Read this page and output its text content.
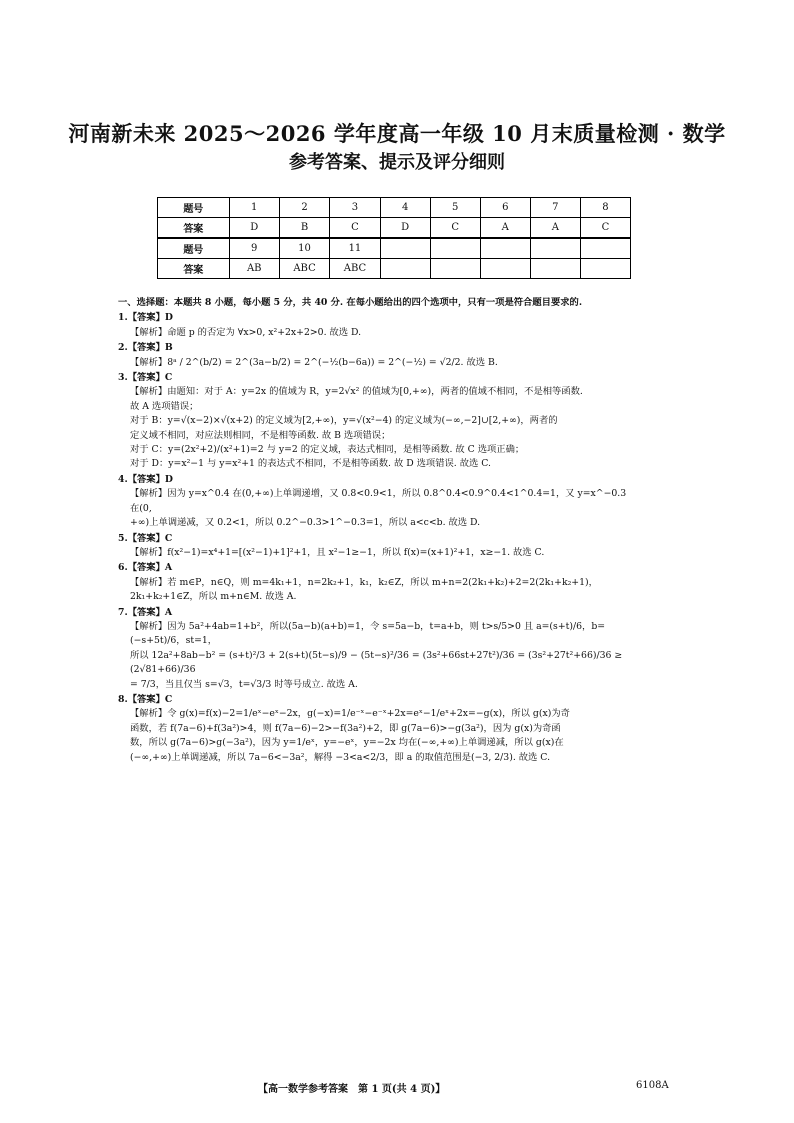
河南新未来 2025～2026 学年度高一年级 10 月末质量检测 · 数学
参考答案、提示及评分细则
题号	1	2	3	4	5	6	7	8
答案	D	B	C	D	C	A	A	C
题号	9	10	11					
答案	AB	ABC	ABC					
一、选择题：本题共 8 小题，每小题 5 分，共 40 分. 在每小题给出的四个选项中，只有一项是符合题目要求的.
1.【答案】D
【解析】命题 p 的否定为 ∀x>0, x²+2x+2>0. 故选 D.
2.【答案】B
【解析】8ᵃ / 2^(b/2) = 2^(3a−b/2) = 2^(−½(b−6a)) = 2^(−½) = √2/2. 故选 B.
3.【答案】C
【解析】由题知：对于 A：y=2x 的值域为 R，y=2√x² 的值域为[0,+∞)，两者的值域不相同，不是相等函数.
故 A 选项错误；
对于 B：y=√(x−2)×√(x+2) 的定义域为[2,+∞)，y=√(x²−4) 的定义域为(−∞,−2]∪[2,+∞)，两者的
定义域不相同，对应法则相同，不是相等函数. 故 B 选项错误；
对于 C：y=(2x²+2)/(x²+1)=2 与 y=2 的定义域，表达式相同，是相等函数. 故 C 选项正确；
对于 D：y=x²−1 与 y=x²+1 的表达式不相同，不是相等函数. 故 D 选项错误. 故选 C.
4.【答案】D
【解析】因为 y=x^0.4 在(0,+∞)上单调递增，又 0.8<0.9<1，所以 0.8^0.4<0.9^0.4<1^0.4=1，又 y=x^−0.3 在(0,
+∞)上单调递减，又 0.2<1，所以 0.2^−0.3>1^−0.3=1，所以 a<c<b. 故选 D.
5.【答案】C
【解析】f(x²−1)=x⁴+1=[(x²−1)+1]²+1，且 x²−1≥−1，所以 f(x)=(x+1)²+1，x≥−1. 故选 C.
6.【答案】A
【解析】若 m∈P，n∈Q，则 m=4k₁+1，n=2k₂+1，k₁，k₂∈Z，所以 m+n=2(2k₁+k₂)+2=2(2k₁+k₂+1)，
2k₁+k₂+1∈Z，所以 m+n∈M. 故选 A.
7.【答案】A
【解析】因为 5a²+4ab=1+b²，所以(5a−b)(a+b)=1，令 s=5a−b，t=a+b，则 t>s/5>0 且 a=(s+t)/6，b=(−s+5t)/6，st=1，
所以 12a²+8ab−b² = (s+t)²/3 + 2(s+t)(5t−s)/9 − (5t−s)²/36 = (3s²+66st+27t²)/36 = (3s²+27t²+66)/36 ≥ (2√81+66)/36
= 7/3，当且仅当 s=√3，t=√3/3 时等号成立. 故选 A.
8.【答案】C
【解析】令 g(x)=f(x)−2=1/eˣ−eˣ−2x，g(−x)=1/e⁻ˣ−e⁻ˣ+2x=eˣ−1/eˣ+2x=−g(x)，所以 g(x)为奇
函数，若 f(7a−6)+f(3a²)>4，则 f(7a−6)−2>−f(3a²)+2，即 g(7a−6)>−g(3a²)，因为 g(x)为奇函
数，所以 g(7a−6)>g(−3a²)，因为 y=1/eˣ，y=−eˣ，y=−2x 均在(−∞,+∞)上单调递减，所以 g(x)在
(−∞,+∞)上单调递减，所以 7a−6<−3a²，解得 −3<a<2/3，即 a 的取值范围是(−3, 2/3). 故选 C.
【高一数学参考答案　第 1 页(共 4 页)】	6108A
